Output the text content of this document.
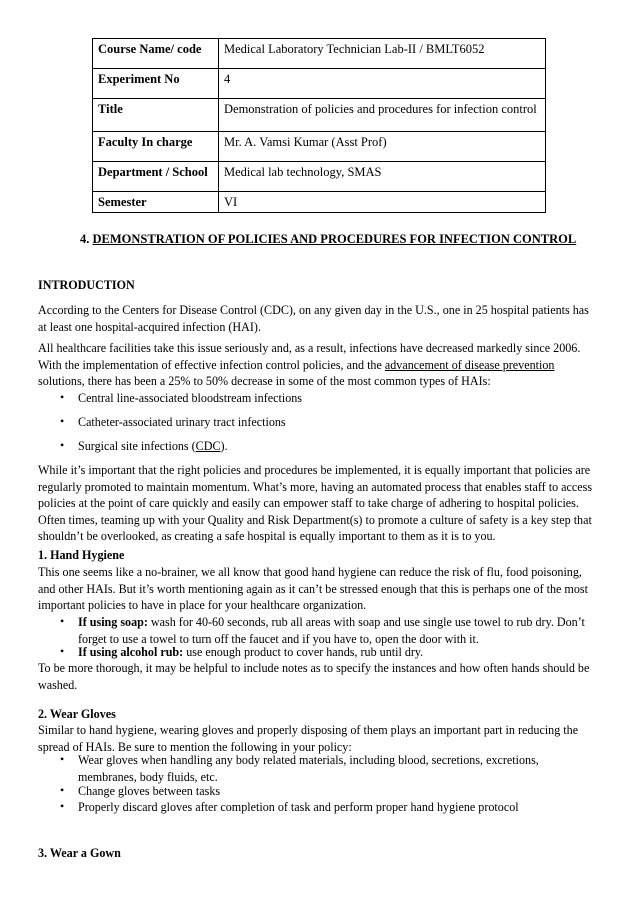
Course Name/ code	Medical Laboratory Technician Lab-II / BMLT6052
Experiment No	4
Title	Demonstration of policies and procedures for infection control
Faculty In charge	Mr. A. Vamsi Kumar (Asst Prof)
Department / School	Medical lab technology, SMAS
Semester	VI
4. DEMONSTRATION OF POLICIES AND PROCEDURES FOR INFECTION CONTROL
INTRODUCTION
According to the Centers for Disease Control (CDC), on any given day in the U.S., one in 25 hospital patients has at least one hospital-acquired infection (HAI).
All healthcare facilities take this issue seriously and, as a result, infections have decreased markedly since 2006. With the implementation of effective infection control policies, and the advancement of disease prevention solutions, there has been a 25% to 50% decrease in some of the most common types of HAIs:
• Central line-associated bloodstream infections
• Catheter-associated urinary tract infections
• Surgical site infections (CDC).
While it’s important that the right policies and procedures be implemented, it is equally important that policies are regularly promoted to maintain momentum. What’s more, having an automated process that enables staff to access policies at the point of care quickly and easily can empower staff to take charge of adhering to hospital policies. Often times, teaming up with your Quality and Risk Department(s) to promote a culture of safety is a key step that shouldn’t be overlooked, as creating a safe hospital is equally important to them as it is to you.
1. Hand Hygiene
This one seems like a no-brainer, we all know that good hand hygiene can reduce the risk of flu, food poisoning, and other HAIs. But it’s worth mentioning again as it can’t be stressed enough that this is perhaps one of the most important policies to have in place for your healthcare organization.
• If using soap: wash for 40-60 seconds, rub all areas with soap and use single use towel to rub dry. Don’t forget to use a towel to turn off the faucet and if you have to, open the door with it.
• If using alcohol rub: use enough product to cover hands, rub until dry.
To be more thorough, it may be helpful to include notes as to specify the instances and how often hands should be washed.
2. Wear Gloves
Similar to hand hygiene, wearing gloves and properly disposing of them plays an important part in reducing the spread of HAIs. Be sure to mention the following in your policy:
• Wear gloves when handling any body related materials, including blood, secretions, excretions, membranes, body fluids, etc.
• Change gloves between tasks
• Properly discard gloves after completion of task and perform proper hand hygiene protocol
3. Wear a Gown
